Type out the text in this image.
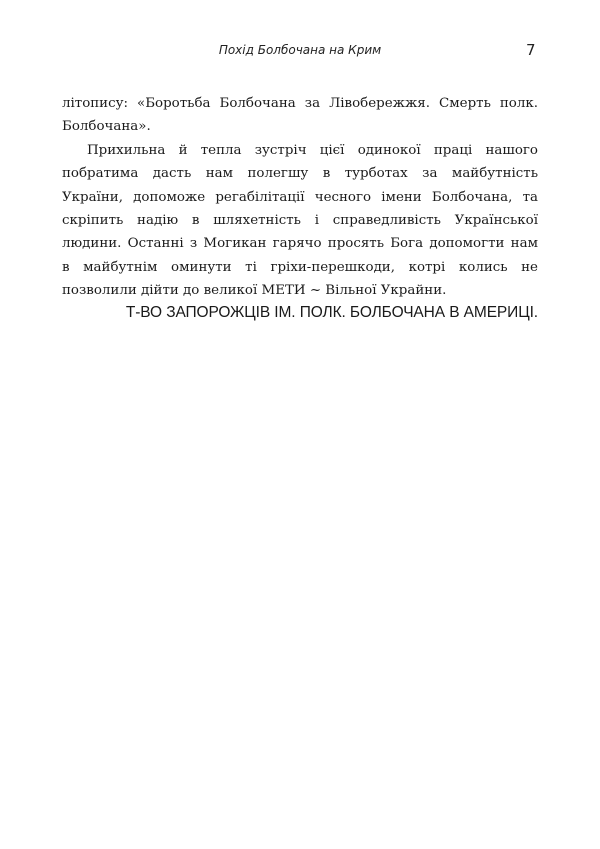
Похід Болбочана на Крим	7
літопису: «Боротьба Болбочана за Лівобережжя. Смерть полк.
Болбочана».
Прихильна й тепла зустріч цієї одинокої праці нашого
побратима дасть нам полегшу в турботах за майбутність
України, допоможе регабілітації чесного імени Болбочана, та
скріпить надію в шляхетність і справедливість Української
людини. Останні з Могикан гарячо просять Бога допомогти нам
в майбутнім оминути ті гріхи-перешкоди, котрі колись не
позволили дійти до великої МЕТИ ~ Вільної Украйни.
Т-ВО ЗАПОРОЖЦІВ ІМ. ПОЛК. БОЛБОЧАНА В АМЕРИЦІ.
